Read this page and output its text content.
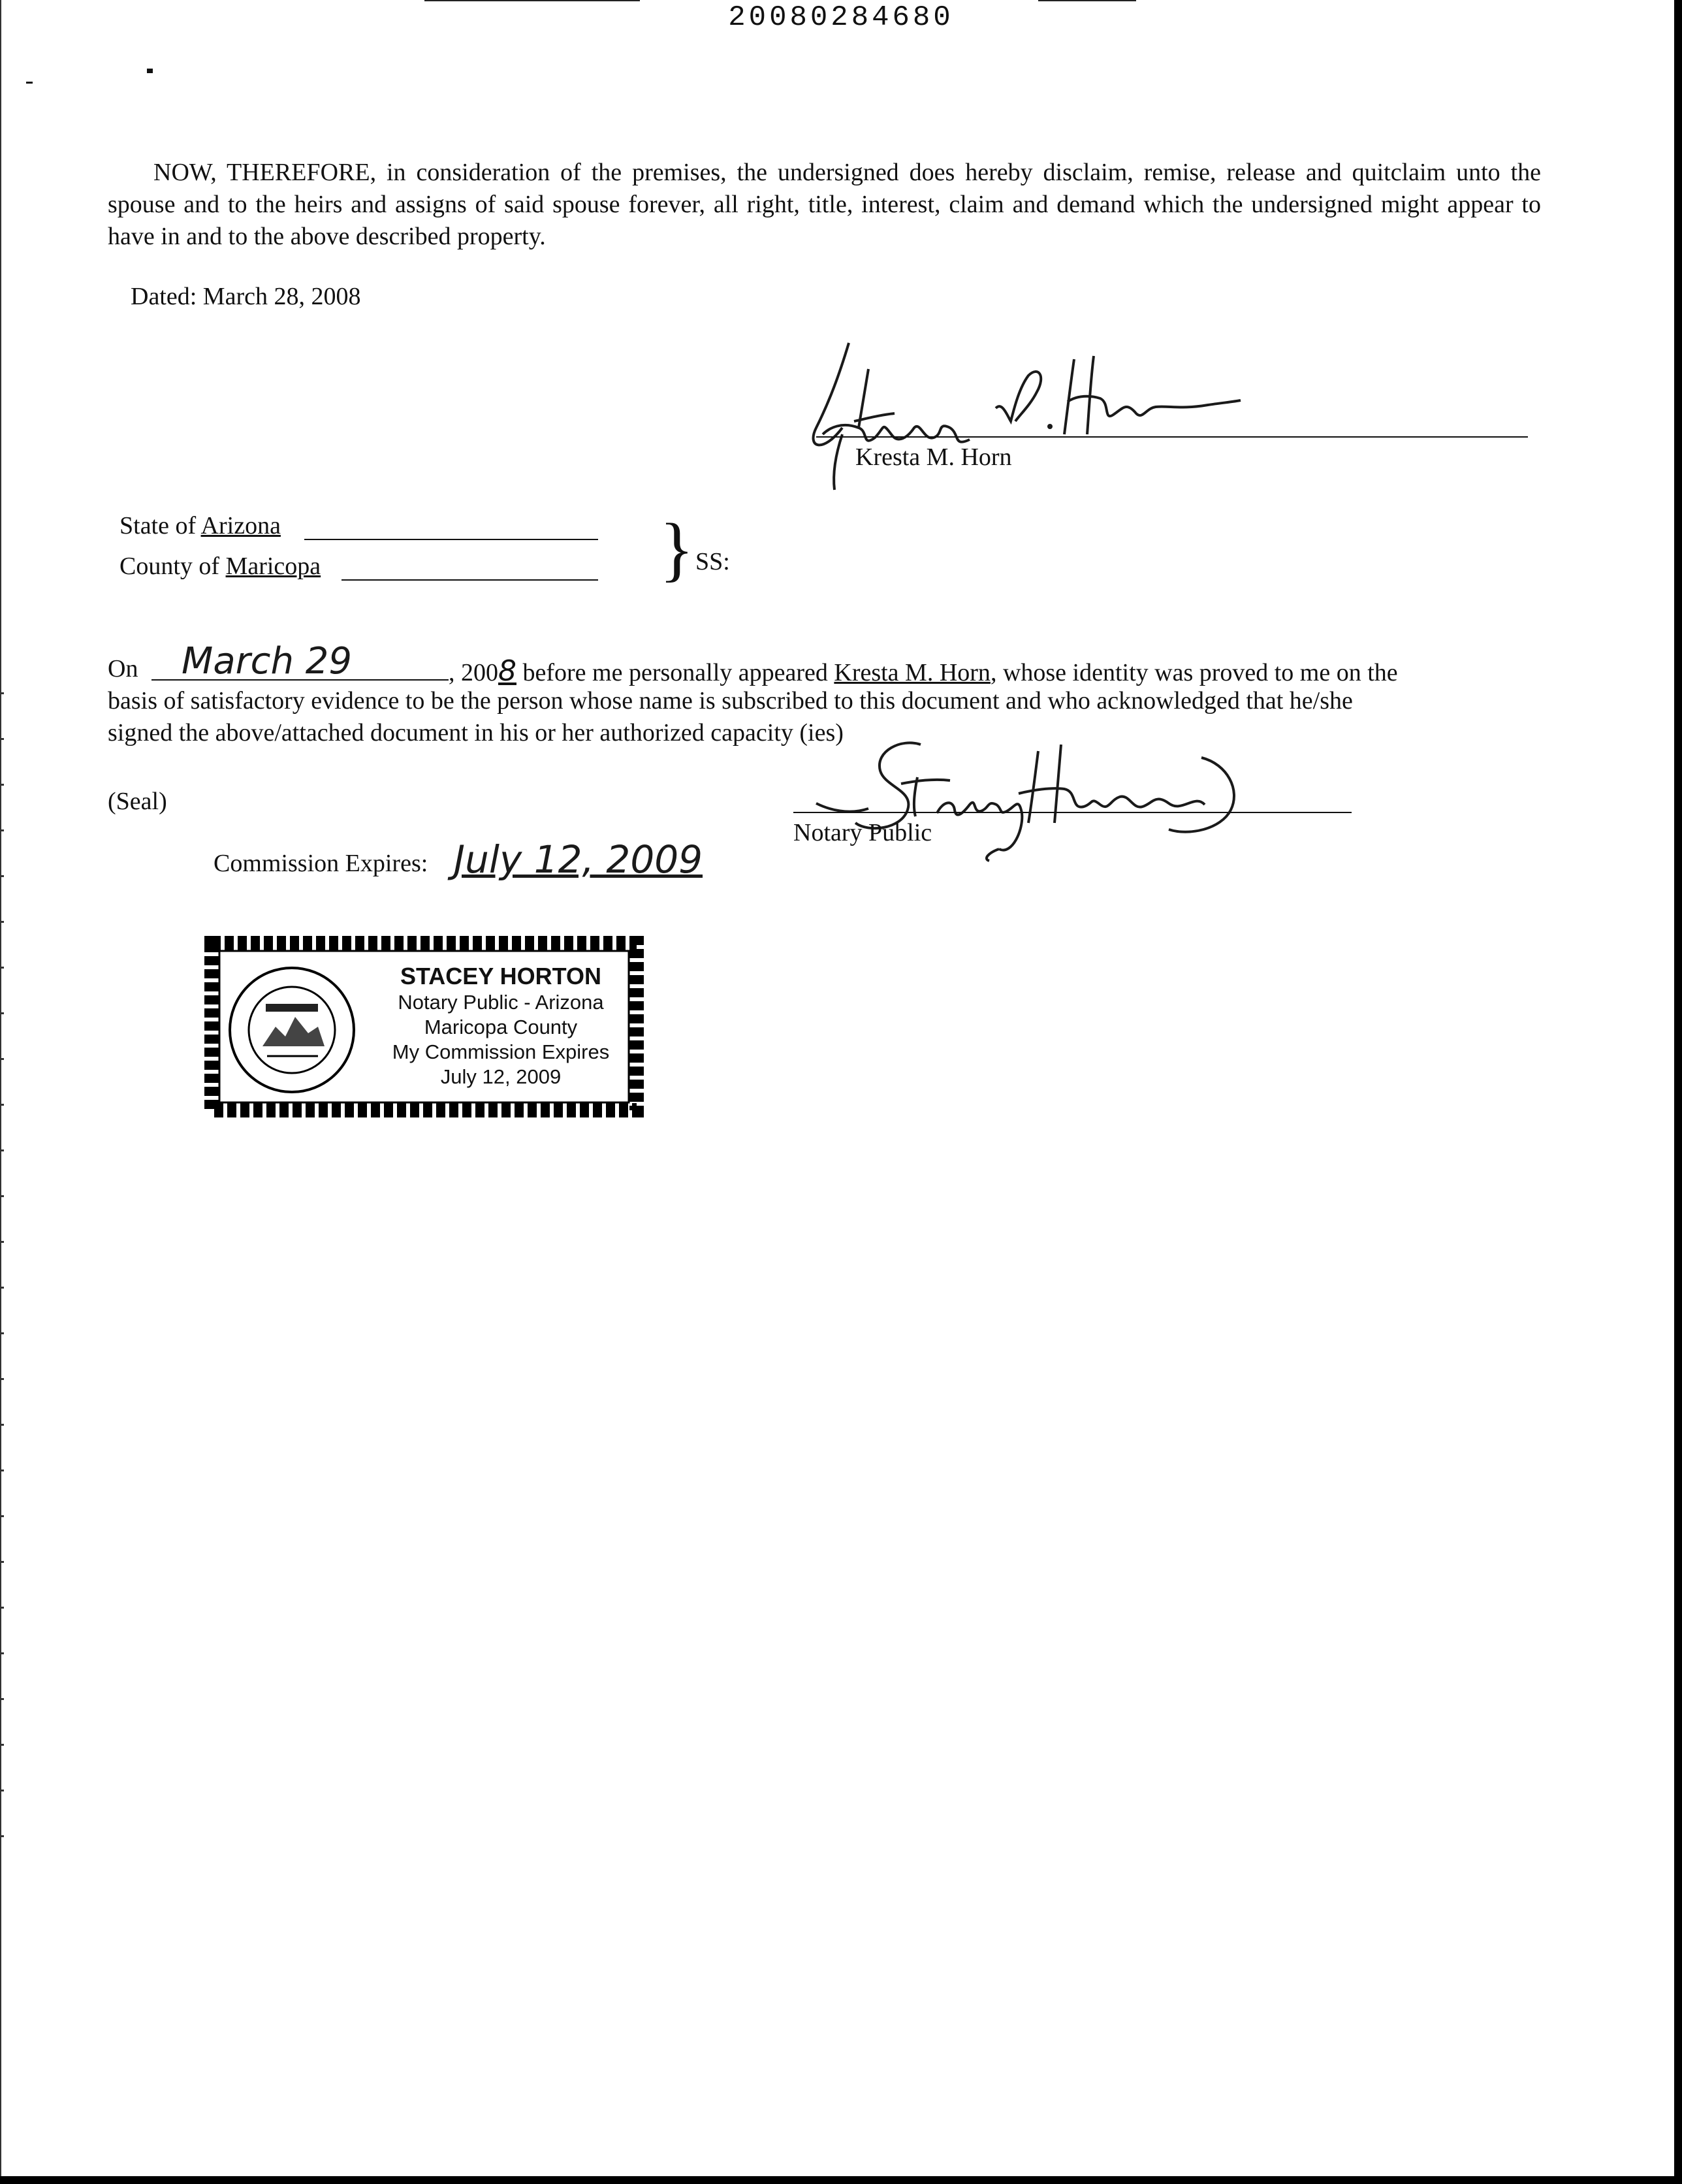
20080284680
NOW, THEREFORE, in consideration of the premises, the undersigned does hereby disclaim, remise, release and quitclaim unto the spouse and to the heirs and assigns of said spouse forever, all right, title, interest, claim and demand which the undersigned might appear to have in and to the above described property.
Dated: March 28, 2008
Kresta M. Horn
State of Arizona
County of Maricopa	} SS:
On March 29	, 2008 before me personally appeared Kresta M. Horn, whose identity was proved to me on the
basis of satisfactory evidence to be the person whose name is subscribed to this document and who acknowledged that he/she
signed the above/attached document in his or her authorized capacity (ies)
(Seal)
Notary Public
Commission Expires: July 12, 2009
STACEY HORTON
Notary Public - Arizona
Maricopa County
My Commission Expires
July 12, 2009
